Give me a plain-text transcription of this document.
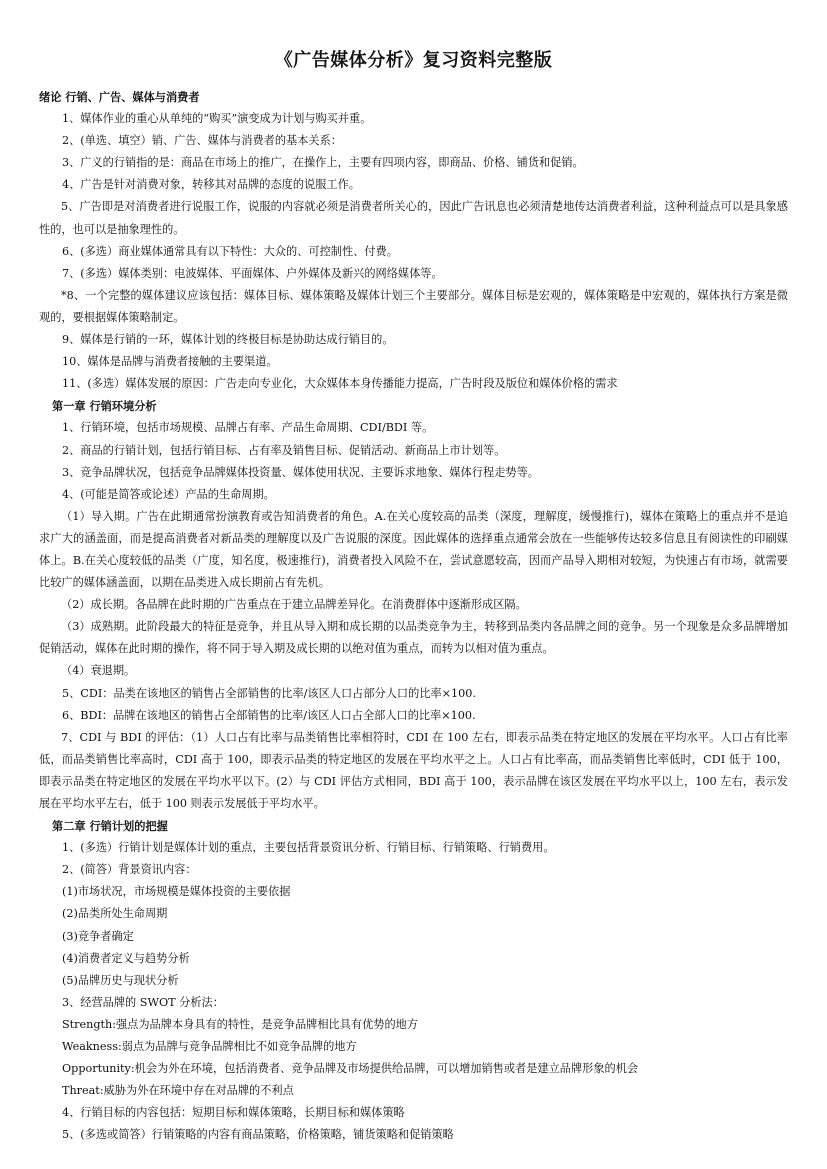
《广告媒体分析》复习资料完整版

绪论 行销、广告、媒体与消费者

1、媒体作业的重心从单纯的“购买”演变成为计划与购买并重。

2、(单选、填空）销、广告、媒体与消费者的基本关系：

3、广义的行销指的是：商品在市场上的推广，在操作上，主要有四项内容，即商品、价格、铺货和促销。

4、广告是针对消费对象，转移其对品牌的态度的说服工作。

5、广告即是对消费者进行说服工作，说服的内容就必须是消费者所关心的，因此广告讯息也必须清楚地传达消费者利益，这种利益点可以是具象感性的，也可以是抽象理性的。

6、(多选）商业媒体通常具有以下特性：大众的、可控制性、付费。

7、(多选）媒体类别：电波媒体、平面媒体、户外媒体及新兴的网络媒体等。

*8、一个完整的媒体建议应该包括：媒体目标、媒体策略及媒体计划三个主要部分。媒体目标是宏观的，媒体策略是中宏观的，媒体执行方案是微观的，要根据媒体策略制定。

9、媒体是行销的一环，媒体计划的终极目标是协助达成行销目的。

10、媒体是品牌与消费者接触的主要渠道。

11、(多选）媒体发展的原因：广告走向专业化，大众媒体本身传播能力提高，广告时段及版位和媒体价格的需求

第一章 行销环境分析

1、行销环境，包括市场规模、品牌占有率、产品生命周期、CDI/BDI 等。

2、商品的行销计划，包括行销目标、占有率及销售目标、促销活动、新商品上市计划等。

3、竞争品牌状况，包括竞争品牌媒体投资量、媒体使用状况、主要诉求地象、媒体行程走势等。

4、(可能是简答或论述）产品的生命周期。

（1）导入期。广告在此期通常扮演教育或告知消费者的角色。A.在关心度较高的品类（深度，理解度，缓慢推行)，媒体在策略上的重点并不是追求广大的涵盖面，而是提高消费者对新品类的理解度以及广告说服的深度。因此媒体的选择重点通常会放在一些能够传达较多信息且有阅读性的印刷媒体上。B.在关心度较低的品类（广度，知名度，极速推行)，消费者投入风险不在，尝试意愿较高，因而产品导入期相对较短，为快速占有市场，就需要比较广的媒体涵盖面，以期在品类进入成长期前占有先机。

（2）成长期。各品牌在此时期的广告重点在于建立品牌差异化。在消费群体中逐渐形成区隔。

（3）成熟期。此阶段最大的特征是竞争，并且从导入期和成长期的以品类竞争为主，转移到品类内各品牌之间的竞争。另一个现象是众多品牌增加促销活动，媒体在此时期的操作，将不同于导入期及成长期的以绝对值为重点，而转为以相对值为重点。

（4）衰退期。

5、CDI：品类在该地区的销售占全部销售的比率/该区人口占部分人口的比率×100.

6、BDI：品牌在该地区的销售占全部销售的比率/该区人口占全部人口的比率×100.

7、CDI 与 BDI 的评估：（1）人口占有比率与品类销售比率相符时，CDI 在 100 左右，即表示品类在特定地区的发展在平均水平。人口占有比率低，而品类销售比率高时，CDI 高于 100，即表示品类的特定地区的发展在平均水平之上。人口占有比率高，而品类销售比率低时，CDI 低于 100，即表示品类在特定地区的发展在平均水平以下。(2）与 CDI 评估方式相同，BDI 高于 100，表示品牌在该区发展在平均水平以上，100 左右，表示发展在平均水平左右，低于 100 则表示发展低于平均水平。

第二章 行销计划的把握

1、(多选）行销计划是媒体计划的重点，主要包括背景资讯分析、行销目标、行销策略、行销费用。

2、(简答）背景资讯内容：

(1)市场状况，市场规模是媒体投资的主要依据

(2)品类所处生命周期

(3)竞争者确定

(4)消费者定义与趋势分析

(5)品牌历史与现状分析

3、经营品牌的 SWOT 分析法：

Strength:强点为品牌本身具有的特性，是竞争品牌相比具有优势的地方

Weakness:弱点为品牌与竞争品牌相比不如竞争品牌的地方

Opportunity:机会为外在环境，包括消费者、竞争品牌及市场提供给品牌，可以增加销售或者是建立品牌形象的机会

Threat:威胁为外在环境中存在对品牌的不利点

4、行销目标的内容包括：短期目标和媒体策略，长期目标和媒体策略

5、(多选或简答）行销策略的内容有商品策略，价格策略，铺货策略和促销策略
